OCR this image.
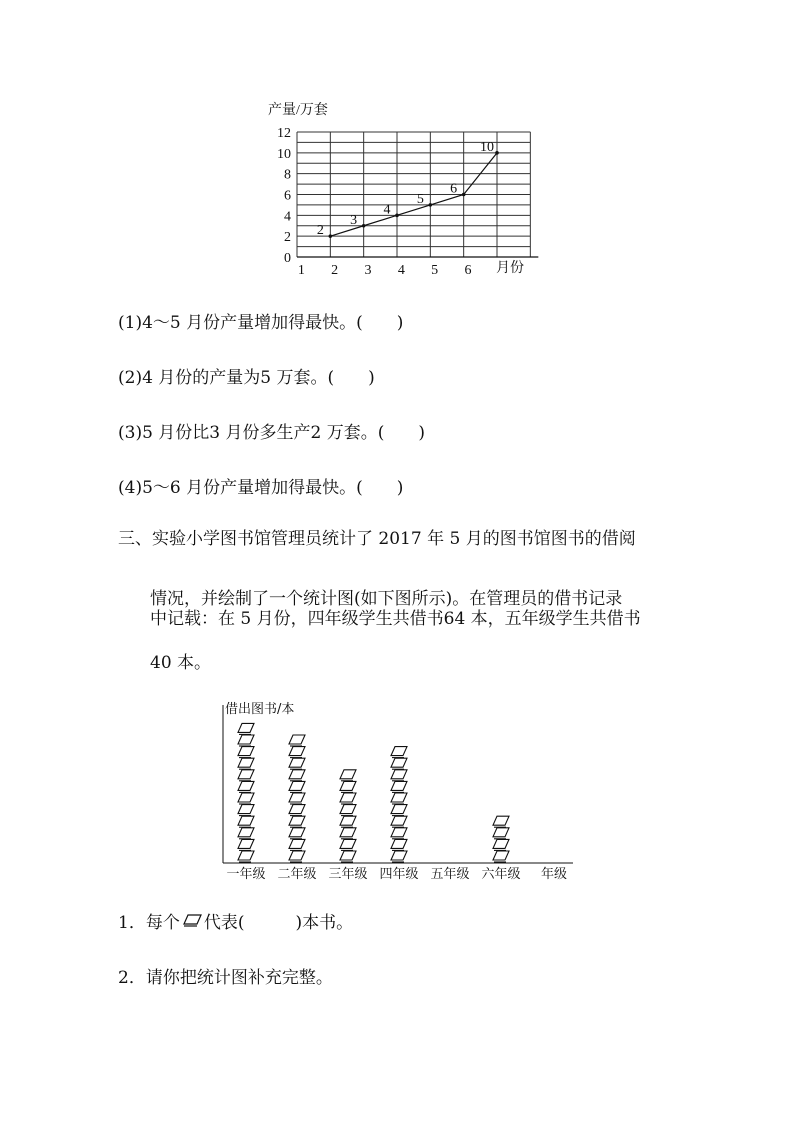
产量/万套
月份
0
2
4
6
8
10
12
1 2 3 4 5 6
2
3
4
5
6
10
(1)4～5 月份产量增加得最快。(　　)
(2)4 月份的产量为5 万套。(　　)
(3)5 月份比3 月份多生产2 万套。(　　)
(4)5～6 月份产量增加得最快。(　　)
三、实验小学图书馆管理员统计了 2017 年 5 月的图书馆图书的借阅
情况，并绘制了一个统计图(如下图所示)。在管理员的借书记录
中记载：在 5 月份，四年级学生共借书64 本，五年级学生共借书
40 本。
借出图书/本
年级
一年级 二年级 三年级 四年级 五年级 六年级
1．每个 代表(　　　)本书。
2．请你把统计图补充完整。
